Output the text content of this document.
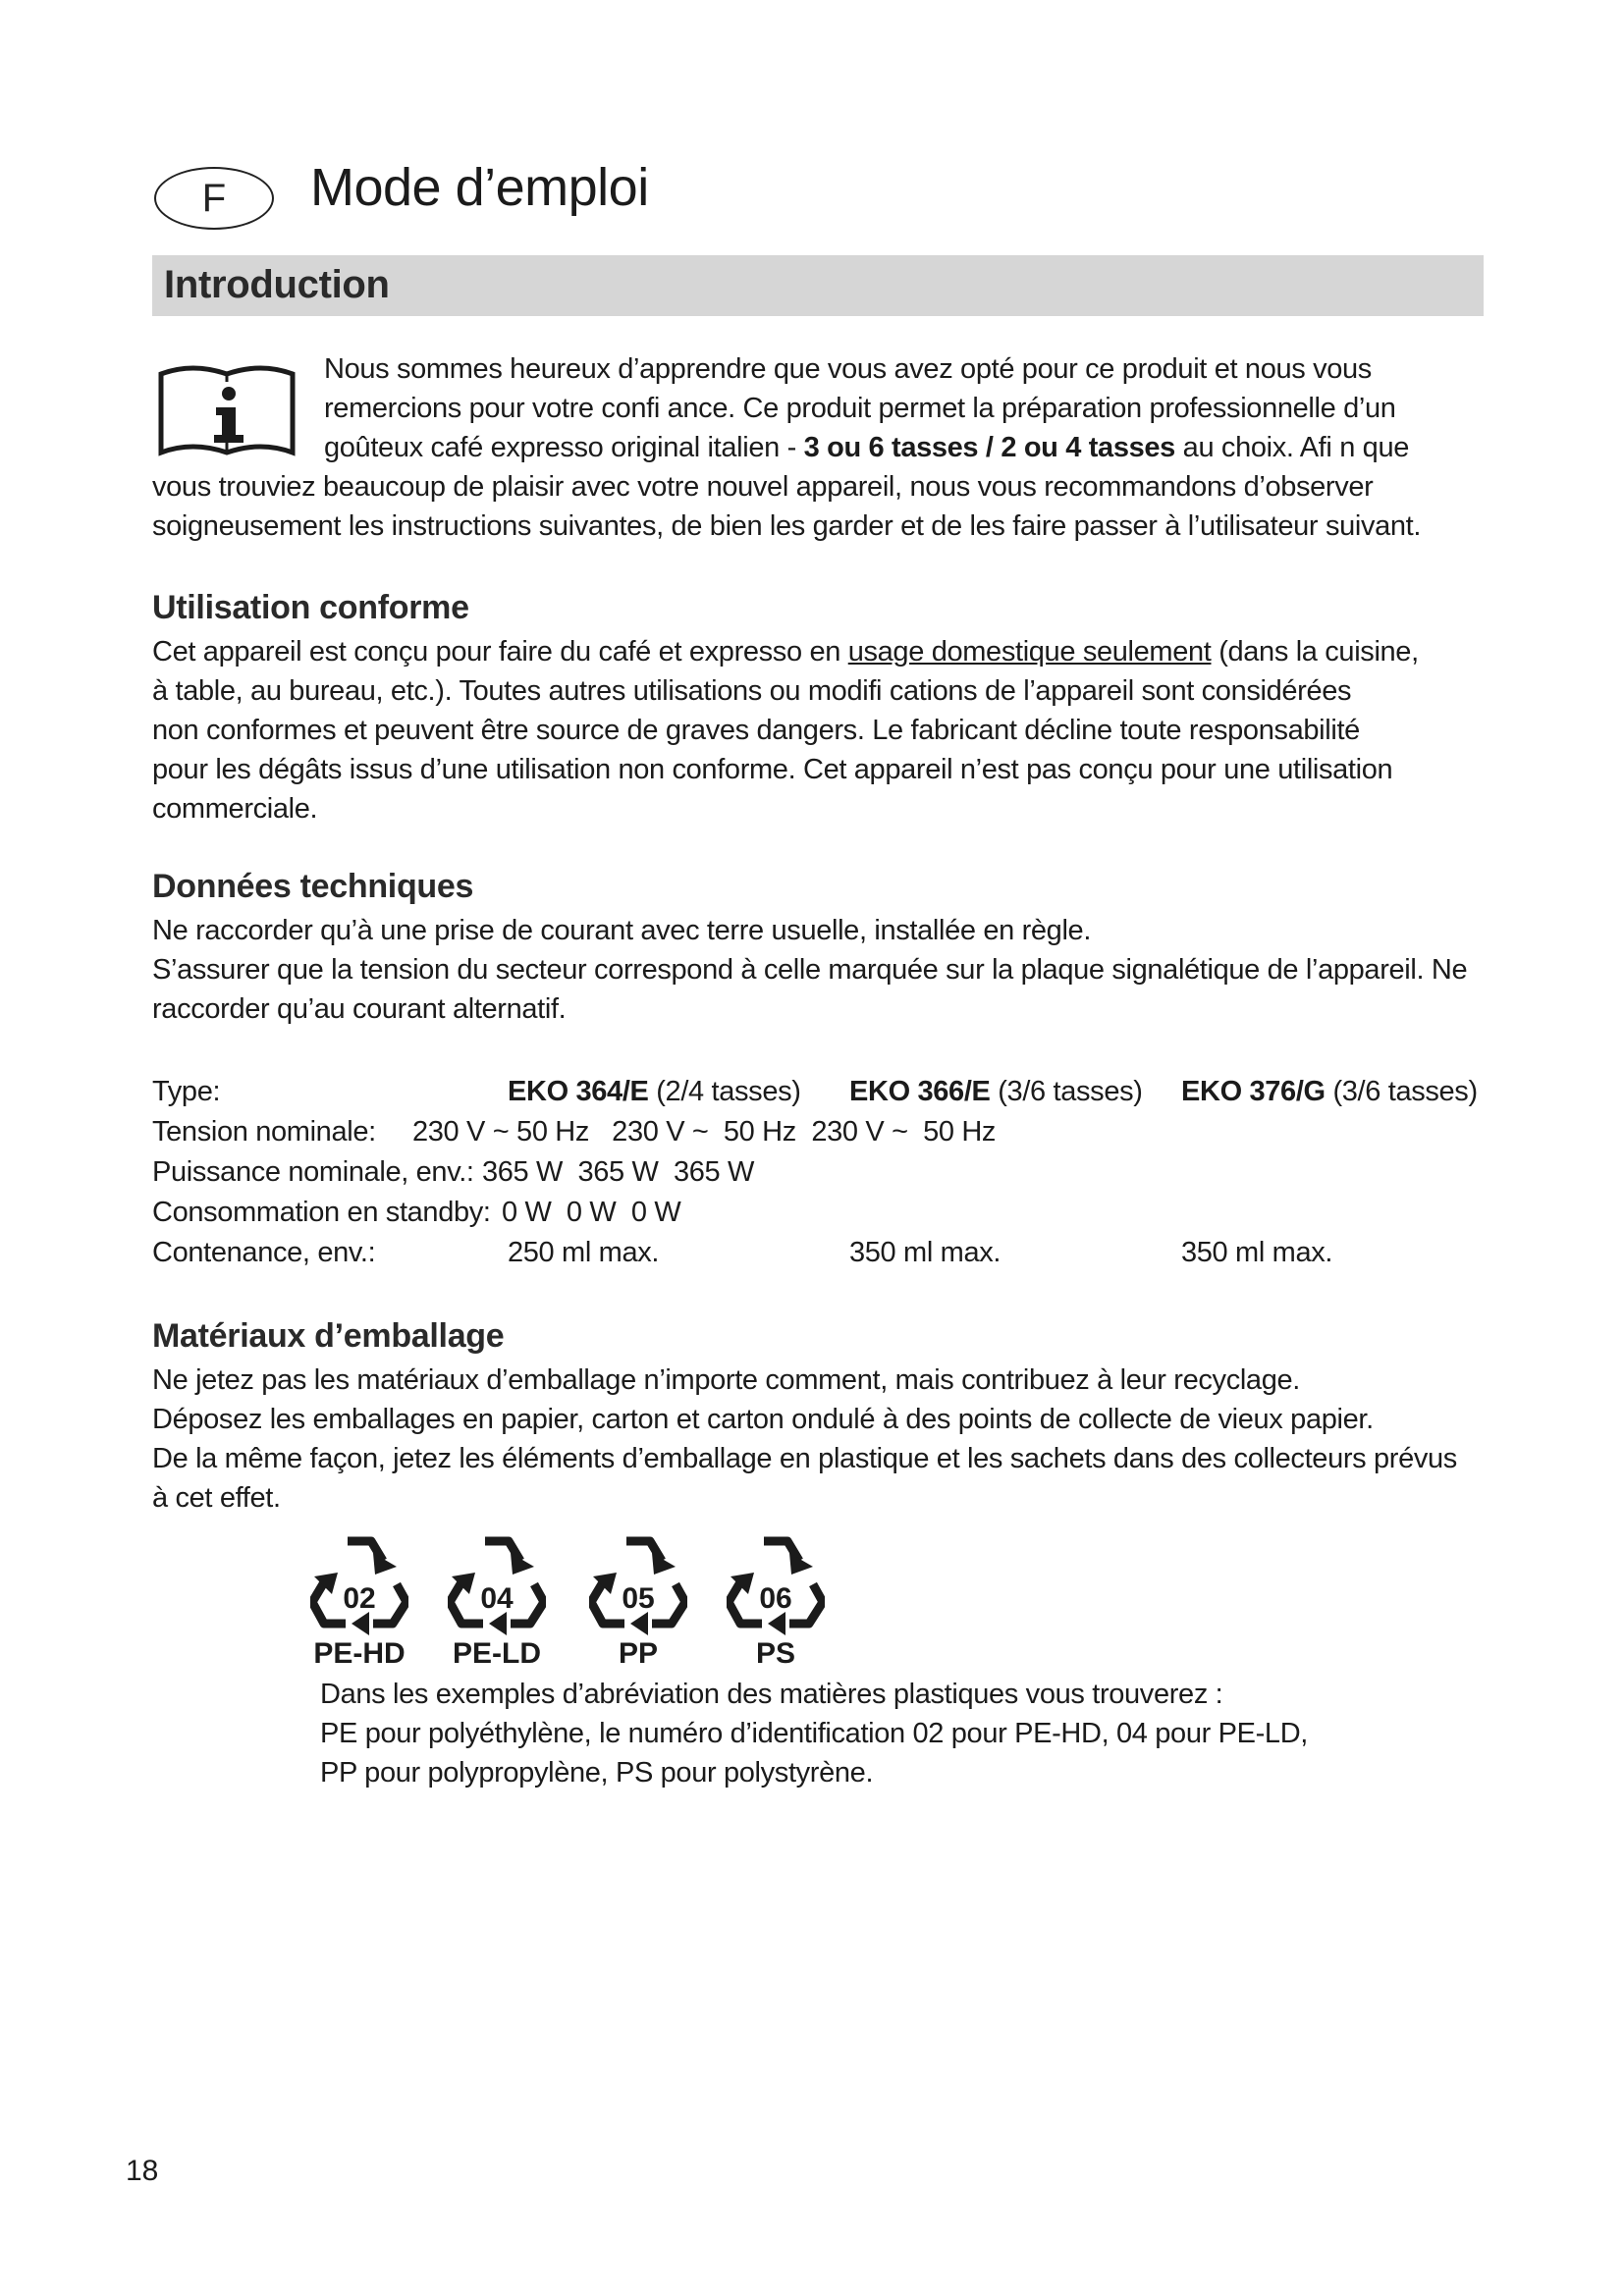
F Mode d’emploi
Introduction

Nous sommes heureux d’apprendre que vous avez opté pour ce produit et nous vous

remercions pour votre confi ance. Ce produit permet la préparation professionnelle d’un

goûteux café expresso original italien - 3 ou 6 tasses / 2 ou 4 tasses au choix. Afi n que

vous trouviez beaucoup de plaisir avec votre nouvel appareil, nous vous recommandons d’observer

soigneusement les instructions suivantes, de bien les garder et de les faire passer à l’utilisateur suivant.

Utilisation conforme

Cet appareil est conçu pour faire du café et expresso en usage domestique seulement (dans la cuisine,

à table, au bureau, etc.). Toutes autres utilisations ou modifi cations de l’appareil sont considérées

non conformes et peuvent être source de graves dangers. Le fabricant décline toute responsabilité

pour les dégâts issus d’une utilisation non conforme. Cet appareil n’est pas conçu pour une utilisation

commerciale.

Données techniques

Ne raccorder qu’à une prise de courant avec terre usuelle, installée en règle.

S’assurer que la tension du secteur correspond à celle marquée sur la plaque signalétique de l’appareil. Ne

raccorder qu’au courant alternatif.

Type:	EKO 364/E (2/4 tasses) EKO 366/E (3/6 tasses) EKO 376/G (3/6 tasses)
Tension nominale: 230 V ~ 50 Hz   230 V ~  50 Hz  230 V ~  50 Hz
Puissance nominale, env.: 365 W  365 W  365 W
Consommation en standby: 0 W  0 W  0 W
Contenance, env.:	250 ml max.	350 ml max.	350 ml max.
Matériaux d’emballage

Ne jetez pas les matériaux d’emballage n’importe comment, mais contribuez à leur recyclage.

Déposez les emballages en papier, carton et carton ondulé à des points de collecte de vieux papier.

De la même façon, jetez les éléments d’emballage en plastique et les sachets dans des collecteurs prévus

à cet effet.

02
PE-HD
04
PE-LD
05
PP
06
PS

Dans les exemples d’abréviation des matières plastiques vous trouverez :

PE pour polyéthylène, le numéro d’identification 02 pour PE-HD, 04 pour PE-LD,

PP pour polypropylène, PS pour polystyrène.

18
